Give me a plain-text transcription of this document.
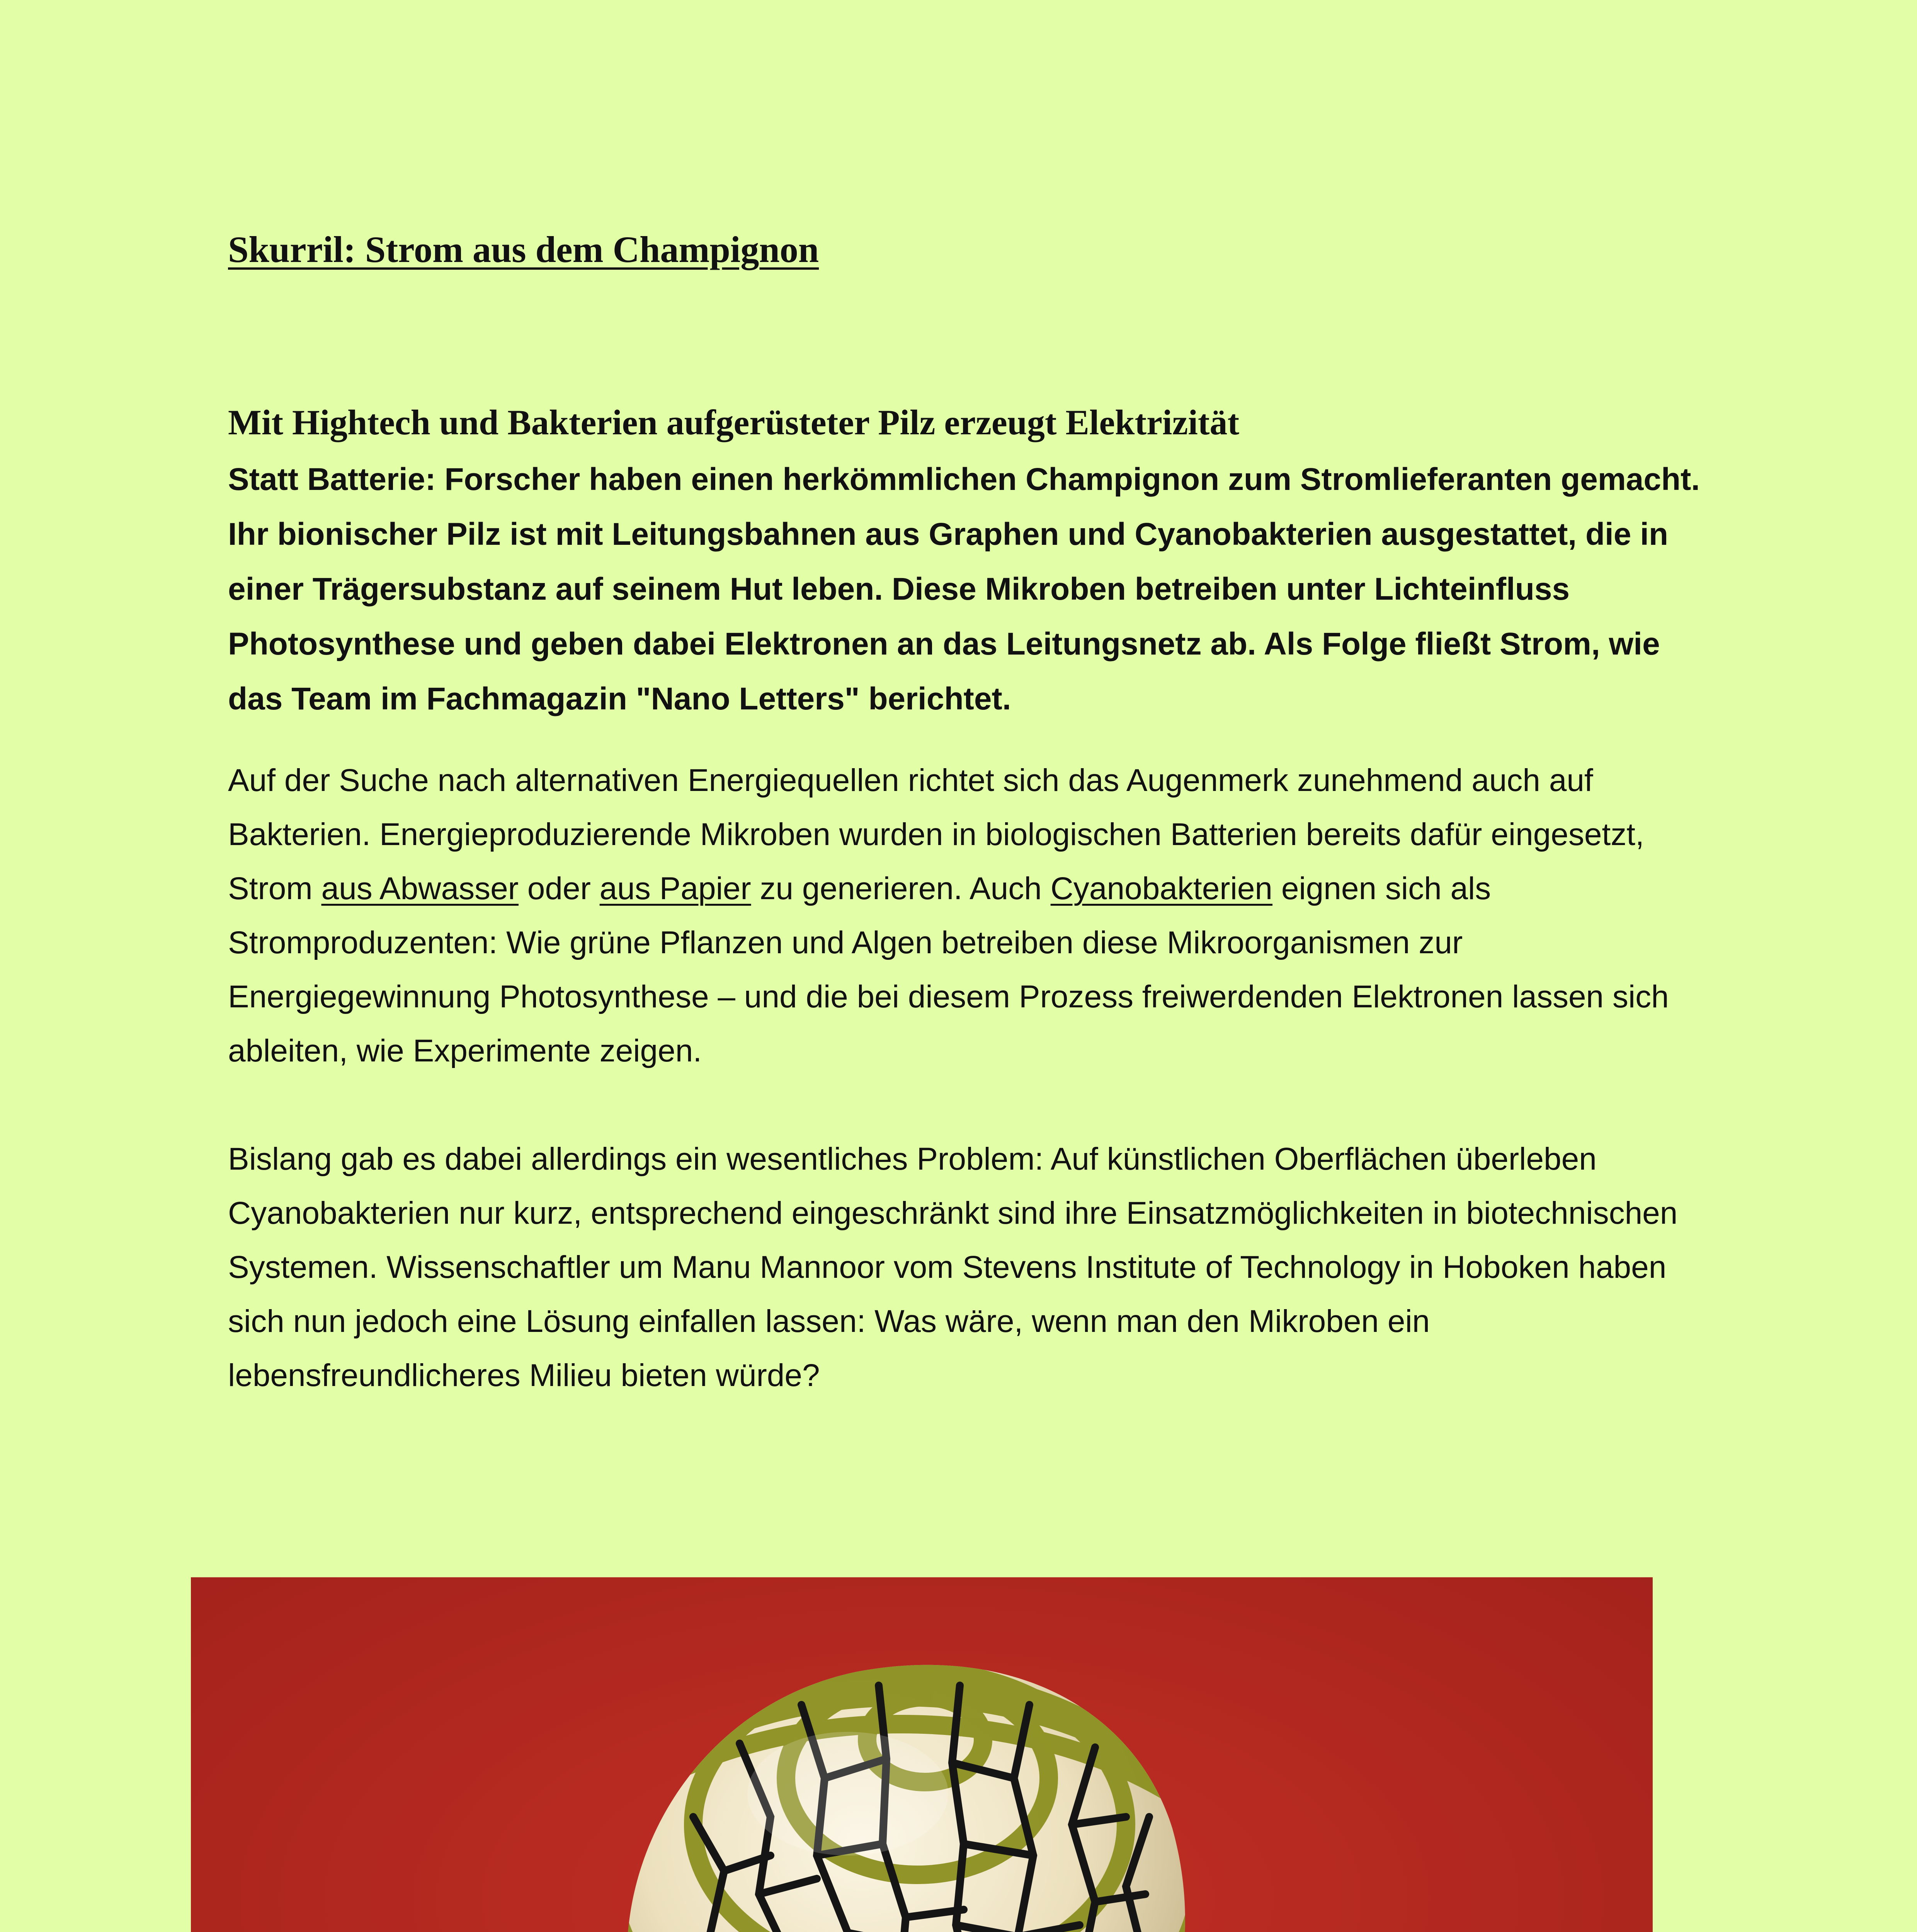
Skurril: Strom aus dem Champignon
Mit Hightech und Bakterien aufgerüsteter Pilz erzeugt Elektrizität

Statt Batterie: Forscher haben einen herkömmlichen Champignon zum Stromlieferanten gemacht. Ihr bionischer Pilz ist mit Leitungsbahnen aus Graphen und Cyanobakterien ausgestattet, die in einer Trägersubstanz auf seinem Hut leben. Diese Mikroben betreiben unter Lichteinfluss Photosynthese und geben dabei Elektronen an das Leitungsnetz ab. Als Folge fließt Strom, wie das Team im Fachmagazin "Nano Letters" berichtet.

Auf der Suche nach alternativen Energiequellen richtet sich das Augenmerk zunehmend auch auf Bakterien. Energieproduzierende Mikroben wurden in biologischen Batterien bereits dafür eingesetzt, Strom aus Abwasser oder aus Papier zu generieren. Auch Cyanobakterien eignen sich als Stromproduzenten: Wie grüne Pflanzen und Algen betreiben diese Mikroorganismen zur Energiegewinnung Photosynthese – und die bei diesem Prozess freiwerdenden Elektronen lassen sich ableiten, wie Experimente zeigen.

Bislang gab es dabei allerdings ein wesentliches Problem: Auf künstlichen Oberflächen überleben Cyanobakterien nur kurz, entsprechend eingeschränkt sind ihre Einsatzmöglichkeiten in biotechnischen Systemen. Wissenschaftler um Manu Mannoor vom Stevens Institute of Technology in Hoboken haben sich nun jedoch eine Lösung einfallen lassen: Was wäre, wenn man den Mikroben ein lebensfreundlicheres Milieu bieten würde?
